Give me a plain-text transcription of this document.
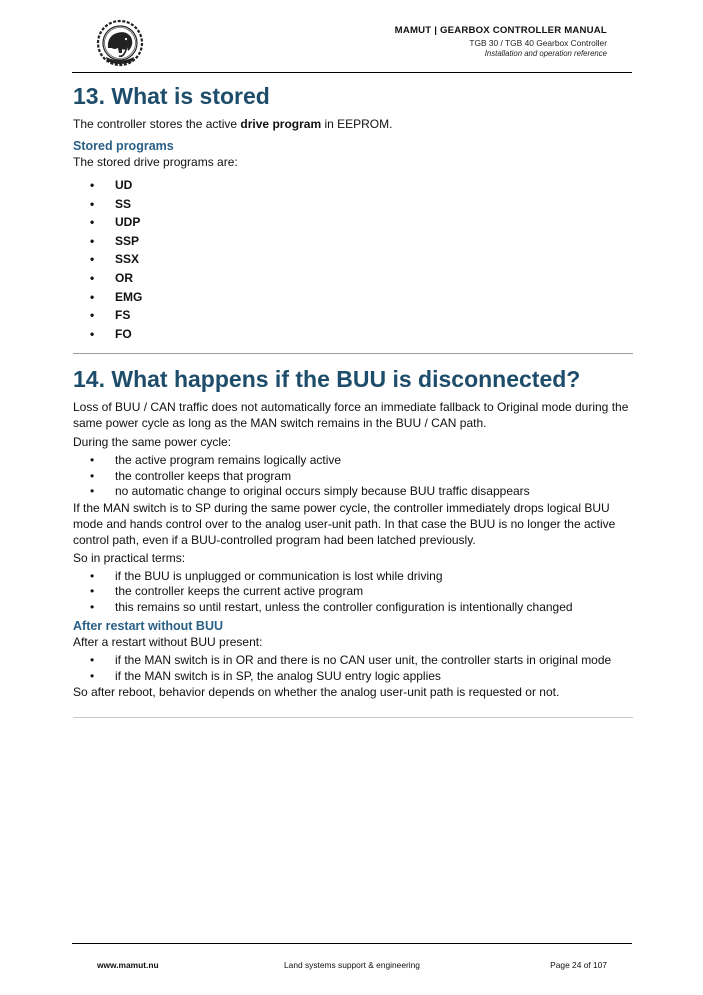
MAMUT | GEARBOX CONTROLLER MANUAL
TGB 30 / TGB 40 Gearbox Controller
Installation and operation reference
13. What is stored

The controller stores the active drive program in EEPROM.

Stored programs

The stored drive programs are:

• UD
• SS
• UDP
• SSP
• SSX
• OR
• EMG
• FS
• FO
14. What happens if the BUU is disconnected?

Loss of BUU / CAN traffic does not automatically force an immediate fallback to Original mode during the same power cycle as long as the MAN switch remains in the BUU / CAN path.

During the same power cycle:

• the active program remains logically active
• the controller keeps that program
• no automatic change to original occurs simply because BUU traffic disappears

If the MAN switch is to SP during the same power cycle, the controller immediately drops logical BUU mode and hands control over to the analog user-unit path. In that case the BUU is no longer the active control path, even if a BUU-controlled program had been latched previously.

So in practical terms:

• if the BUU is unplugged or communication is lost while driving
• the controller keeps the current active program
• this remains so until restart, unless the controller configuration is intentionally changed
After restart without BUU

After a restart without BUU present:

• if the MAN switch is in OR and there is no CAN user unit, the controller starts in original mode
• if the MAN switch is in SP, the analog SUU entry logic applies

So after reboot, behavior depends on whether the analog user-unit path is requested or not.

www.mamut.nu	Land systems support & engineering	Page 24 of 107
